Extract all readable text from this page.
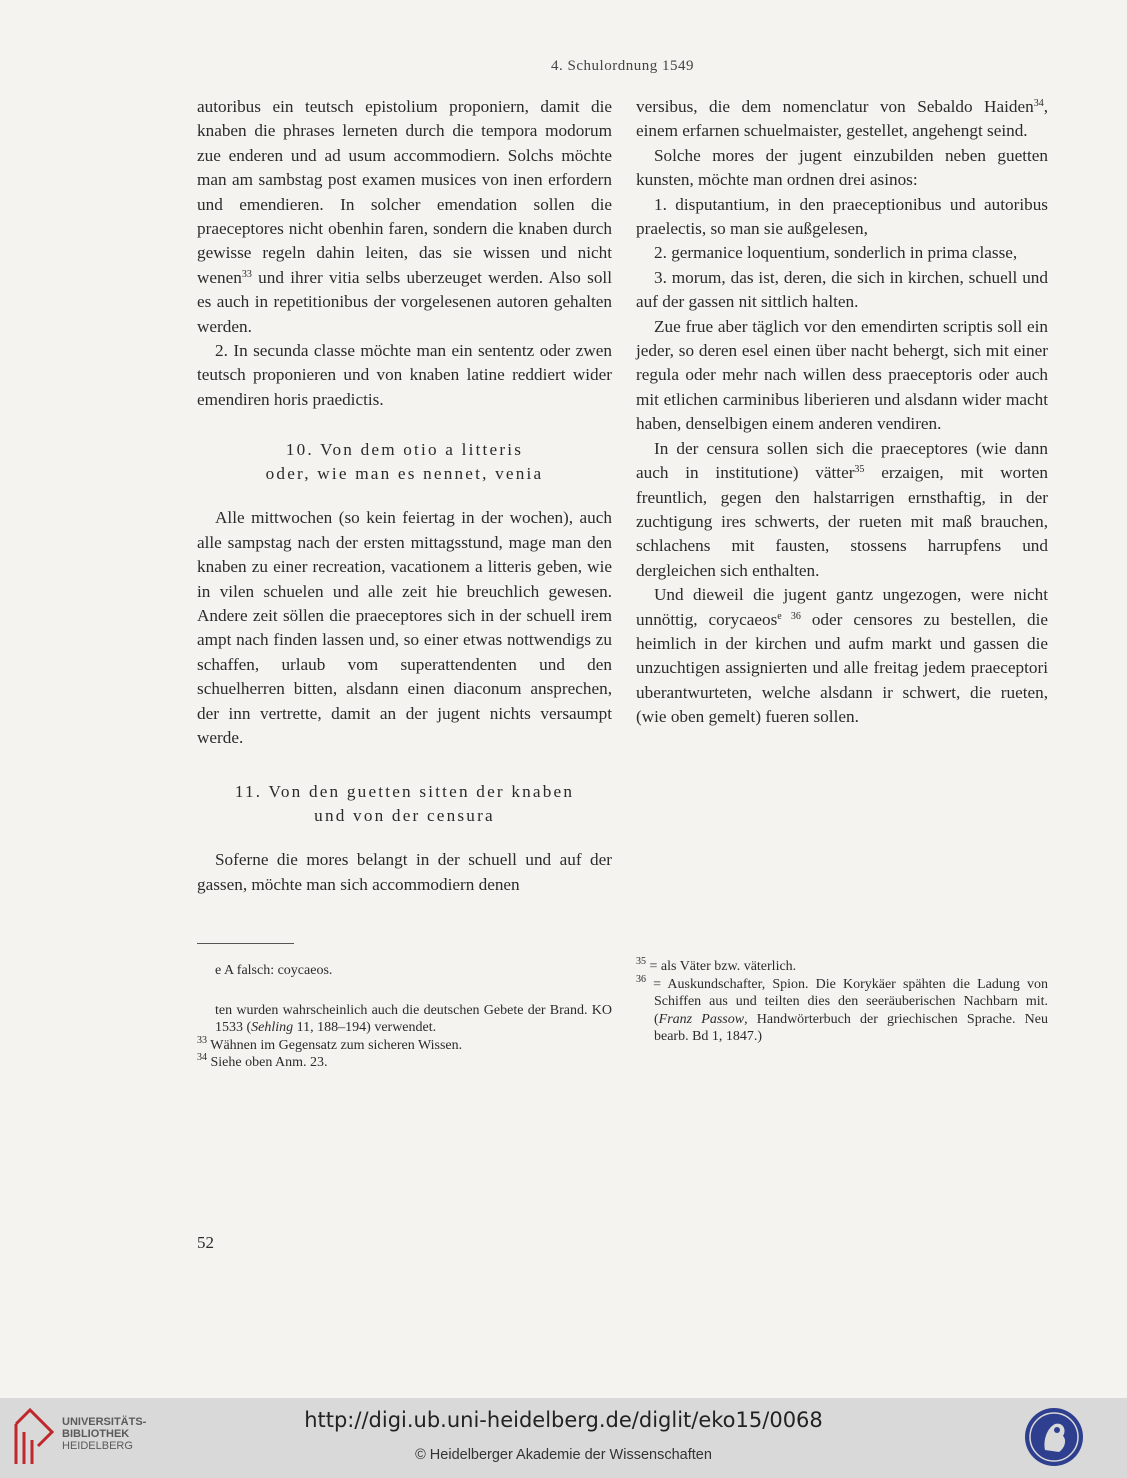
4. Schulordnung 1549

autoribus ein teutsch epistolium proponiern, damit die knaben die phrases lerneten durch die tempora modorum zue enderen und ad usum accommodiern. Solchs möchte man am sambstag post examen musices von inen erfordern und emendieren. In solcher emendation sollen die praeceptores nicht obenhin faren, sondern die knaben durch gewisse regeln dahin leiten, das sie wissen und nicht wenen$^{33}$ und ihrer vitia selbs uberzeuget werden. Also soll es auch in repetitionibus der vorgelesenen autoren gehalten werden.

2. In secunda classe möchte man ein sententz oder zwen teutsch proponieren und von knaben latine reddiert wider emendiren horis praedictis.

10. Von dem otio a litteris
oder, wie man es nennet, venia

Alle mittwochen (so kein feiertag in der wochen), auch alle sampstag nach der ersten mittagsstund, mage man den knaben zu einer recreation, vacationem a litteris geben, wie in vilen schuelen und alle zeit hie breuchlich gewesen. Andere zeit söllen die praeceptores sich in der schuell irem ampt nach finden lassen und, so einer etwas nottwendigs zu schaffen, urlaub vom superattendenten und den schuelherren bitten, alsdann einen diaconum ansprechen, der inn vertrette, damit an der jugent nichts versaumpt werde.

11. Von den guetten sitten der knaben
und von der censura

Soferne die mores belangt in der schuell und auf der gassen, möchte man sich accommodiern denen

versibus, die dem nomenclatur von Sebaldo Haiden$^{34}$, einem erfarnen schuelmaister, gestellet, angehengt seind.

Solche mores der jugent einzubilden neben guetten kunsten, möchte man ordnen drei asinos:

1. disputantium, in den praeceptionibus und autoribus praelectis, so man sie außgelesen,

2. germanice loquentium, sonderlich in prima classe,

3. morum, das ist, deren, die sich in kirchen, schuell und auf der gassen nit sittlich halten.

Zue frue aber täglich vor den emendirten scriptis soll ein jeder, so deren esel einen über nacht behergt, sich mit einer regula oder mehr nach willen dess praeceptoris oder auch mit etlichen carminibus liberieren und alsdann wider macht haben, denselbigen einem anderen vendiren.

In der censura sollen sich die praeceptores (wie dann auch in institutione) vätter$^{35}$ erzaigen, mit worten freuntlich, gegen den halstarrigen ernsthaftig, in der zuchtigung ires schwerts, der rueten mit maß brauchen, schlachens mit fausten, stossens harrupfens und dergleichen sich enthalten.

Und dieweil die jugent gantz ungezogen, were nicht unnöttig, corycaeos$^{e 36}$ oder censores zu bestellen, die heimlich in der kirchen und aufm markt und gassen die unzuchtigen assignierten und alle freitag jedem praeceptori uberantwurteten, welche alsdann ir schwert, die rueten, (wie oben gemelt) fueren sollen.

e A falsch: coycaeos.

ten wurden wahrscheinlich auch die deutschen Gebete der Brand. KO 1533 (Sehling 11, 188–194) verwendet.

$^{33}$ Wähnen im Gegensatz zum sicheren Wissen.

$^{34}$ Siehe oben Anm. 23.

$^{35}$ = als Väter bzw. väterlich.

$^{36}$ = Auskundschafter, Spion. Die Korykäer spähten die Ladung von Schiffen aus und teilten dies den seeräuberischen Nachbarn mit. (Franz Passow, Handwörterbuch der griechischen Sprache. Neu bearb. Bd 1, 1847.)

52
UNIVERSITÄTS-
BIBLIOTHEK
HEIDELBERG
http://digi.ub.uni-heidelberg.de/diglit/eko15/0068
© Heidelberger Akademie der Wissenschaften
